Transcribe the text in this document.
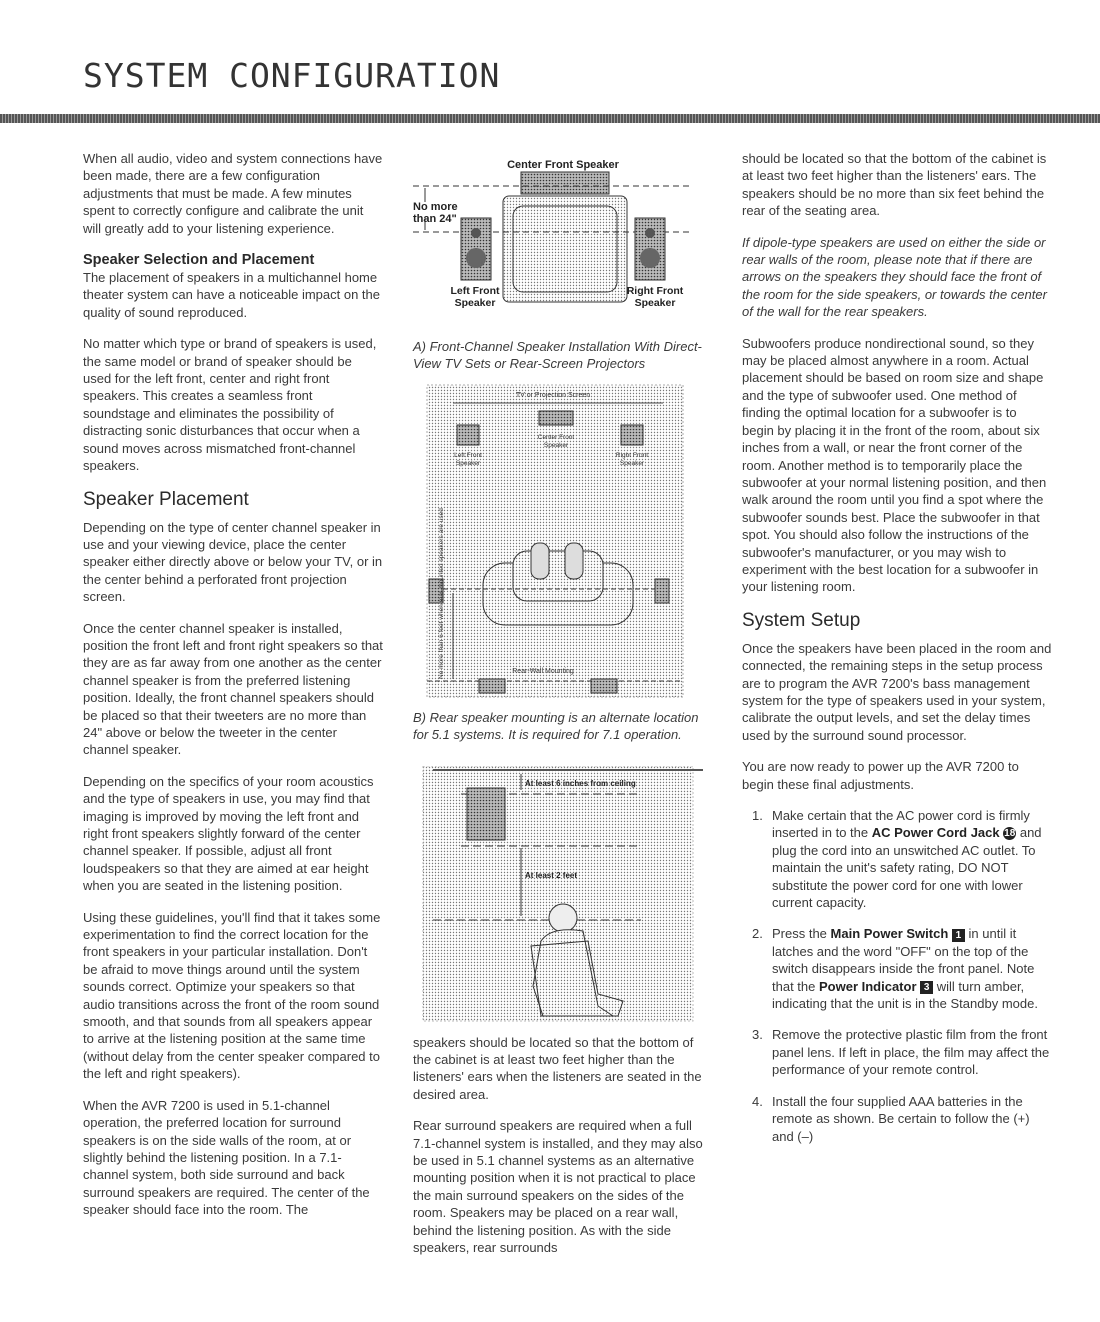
SYSTEM CONFIGURATION

When all audio, video and system connections have been made, there are a few configuration adjustments that must be made. A few minutes spent to correctly configure and calibrate the unit will greatly add to your listening experience.

Speaker Selection and Placement

The placement of speakers in a multichannel home theater system can have a noticeable impact on the quality of sound reproduced.

No matter which type or brand of speakers is used, the same model or brand of speaker should be used for the left front, center and right front speakers. This creates a seamless front soundstage and eliminates the possibility of distracting sonic disturbances that occur when a sound moves across mismatched front-channel speakers.

Speaker Placement

Depending on the type of center channel speaker in use and your viewing device, place the center speaker either directly above or below your TV, or in the center behind a perforated front projection screen.

Once the center channel speaker is installed, position the front left and front right speakers so that they are as far away from one another as the center channel speaker is from the preferred listening position. Ideally, the front channel speakers should be placed so that their tweeters are no more than 24" above or below the tweeter in the center channel speaker.

Depending on the specifics of your room acoustics and the type of speakers in use, you may find that imaging is improved by moving the left front and right front speakers slightly forward of the center channel speaker. If possible, adjust all front loudspeakers so that they are aimed at ear height when you are seated in the listening position.

Using these guidelines, you'll find that it takes some experimentation to find the correct location for the front speakers in your particular installation. Don't be afraid to move things around until the system sounds correct. Optimize your speakers so that audio transitions across the front of the room sound smooth, and that sounds from all speakers appear to arrive at the listening position at the same time (without delay from the center speaker compared to the left and right speakers).

When the AVR 7200 is used in 5.1-channel operation, the preferred location for surround speakers is on the side walls of the room, at or slightly behind the listening position. In a 7.1-channel system, both side surround and back surround speakers are required. The center of the speaker should face into the room. The

Center Front Speaker
No more
than 24"
Left Front
Speaker
Right Front
Speaker
A) Front-Channel Speaker Installation With Direct-View TV Sets or Rear-Screen Projectors
TV or Projection Screen
Left Front
Speaker
Center Front
Speaker
Right Front
Speaker
Rear-Wall Mounting
No more than 6 feet when rear-mounted speakers are used
B) Rear speaker mounting is an alternate location for 5.1 systems. It is required for 7.1 operation.
At least 6 inches from ceiling
At least 2 feet

speakers should be located so that the bottom of the cabinet is at least two feet higher than the listeners' ears when the listeners are seated in the desired area.

Rear surround speakers are required when a full 7.1-channel system is installed, and they may also be used in 5.1 channel systems as an alternative mounting position when it is not practical to place the main surround speakers on the sides of the room. Speakers may be placed on a rear wall, behind the listening position. As with the side speakers, rear surrounds

should be located so that the bottom of the cabinet is at least two feet higher than the listeners' ears. The speakers should be no more than six feet behind the rear of the seating area.

If dipole-type speakers are used on either the side or rear walls of the room, please note that if there are arrows on the speakers they should face the front of the room for the side speakers, or towards the center of the wall for the rear speakers.

Subwoofers produce nondirectional sound, so they may be placed almost anywhere in a room. Actual placement should be based on room size and shape and the type of subwoofer used. One method of finding the optimal location for a subwoofer is to begin by placing it in the front of the room, about six inches from a wall, or near the front corner of the room. Another method is to temporarily place the subwoofer at your normal listening position, and then walk around the room until you find a spot where the subwoofer sounds best. Place the subwoofer in that spot. You should also follow the instructions of the subwoofer's manufacturer, or you may wish to experiment with the best location for a subwoofer in your listening room.

System Setup

Once the speakers have been placed in the room and connected, the remaining steps in the setup process are to program the AVR 7200's bass management system for the type of speakers used in your system, calibrate the output levels, and set the delay times used by the surround sound processor.

You are now ready to power up the AVR 7200 to begin these final adjustments.

1. Make certain that the AC power cord is firmly inserted in to the AC Power Cord Jack 18 and plug the cord into an unswitched AC outlet. To maintain the unit's safety rating, DO NOT substitute the power cord for one with lower current capacity.
2. Press the Main Power Switch 1 in until it latches and the word "OFF" on the top of the switch disappears inside the front panel. Note that the Power Indicator 3 will turn amber, indicating that the unit is in the Standby mode.
3. Remove the protective plastic film from the front panel lens. If left in place, the film may affect the performance of your remote control.
4. Install the four supplied AAA batteries in the remote as shown. Be certain to follow the (+) and (–)
